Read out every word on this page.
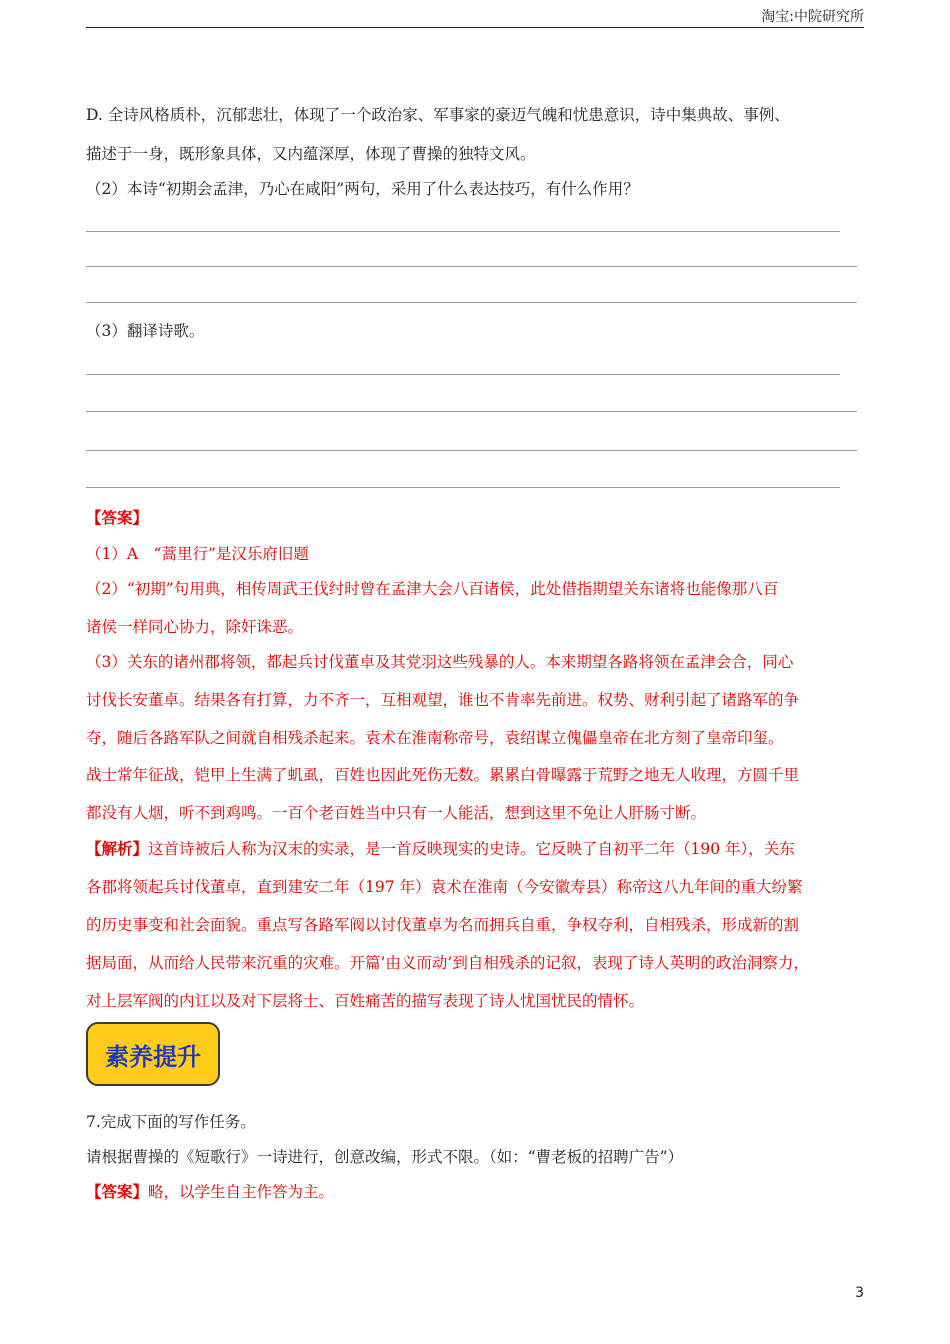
淘宝:中院研究所
D. 全诗风格质朴，沉郁悲壮，体现了一个政治家、军事家的豪迈气魄和忧患意识，诗中集典故、事例、
描述于一身，既形象具体，又内蕴深厚，体现了曹操的独特文风。
（2）本诗“初期会孟津，乃心在咸阳”两句，采用了什么表达技巧，有什么作用？
（3）翻译诗歌。
【答案】
（1）A　“蒿里行”是汉乐府旧题
（2）“初期”句用典，相传周武王伐纣时曾在孟津大会八百诸侯，此处借指期望关东诸将也能像那八百
诸侯一样同心协力，除奸诛恶。
（3）关东的诸州郡将领，都起兵讨伐董卓及其党羽这些残暴的人。本来期望各路将领在孟津会合，同心
讨伐长安董卓。结果各有打算，力不齐一，互相观望，谁也不肯率先前进。权势、财利引起了诸路军的争
夺，随后各路军队之间就自相残杀起来。袁术在淮南称帝号，袁绍谋立傀儡皇帝在北方刻了皇帝印玺。
战士常年征战，铠甲上生满了虮虱，百姓也因此死伤无数。累累白骨曝露于荒野之地无人收理，方圆千里
都没有人烟，听不到鸡鸣。一百个老百姓当中只有一人能活，想到这里不免让人肝肠寸断。
【解析】这首诗被后人称为汉末的实录，是一首反映现实的史诗。它反映了自初平二年（190 年），关东
各郡将领起兵讨伐董卓，直到建安二年（197 年）袁术在淮南（今安徽寿县）称帝这八九年间的重大纷繁
的历史事变和社会面貌。重点写各路军阀以讨伐董卓为名而拥兵自重，争权夺利，自相残杀，形成新的割
据局面，从而给人民带来沉重的灾难。开篇’由义而动’到自相残杀的记叙，表现了诗人英明的政治洞察力，
对上层军阀的内讧以及对下层将士、百姓痛苦的描写表现了诗人忧国忧民的情怀。
素养提升
7.完成下面的写作任务。
请根据曹操的《短歌行》一诗进行，创意改编，形式不限。（如：“曹老板的招聘广告”）
【答案】略，以学生自主作答为主。
3
